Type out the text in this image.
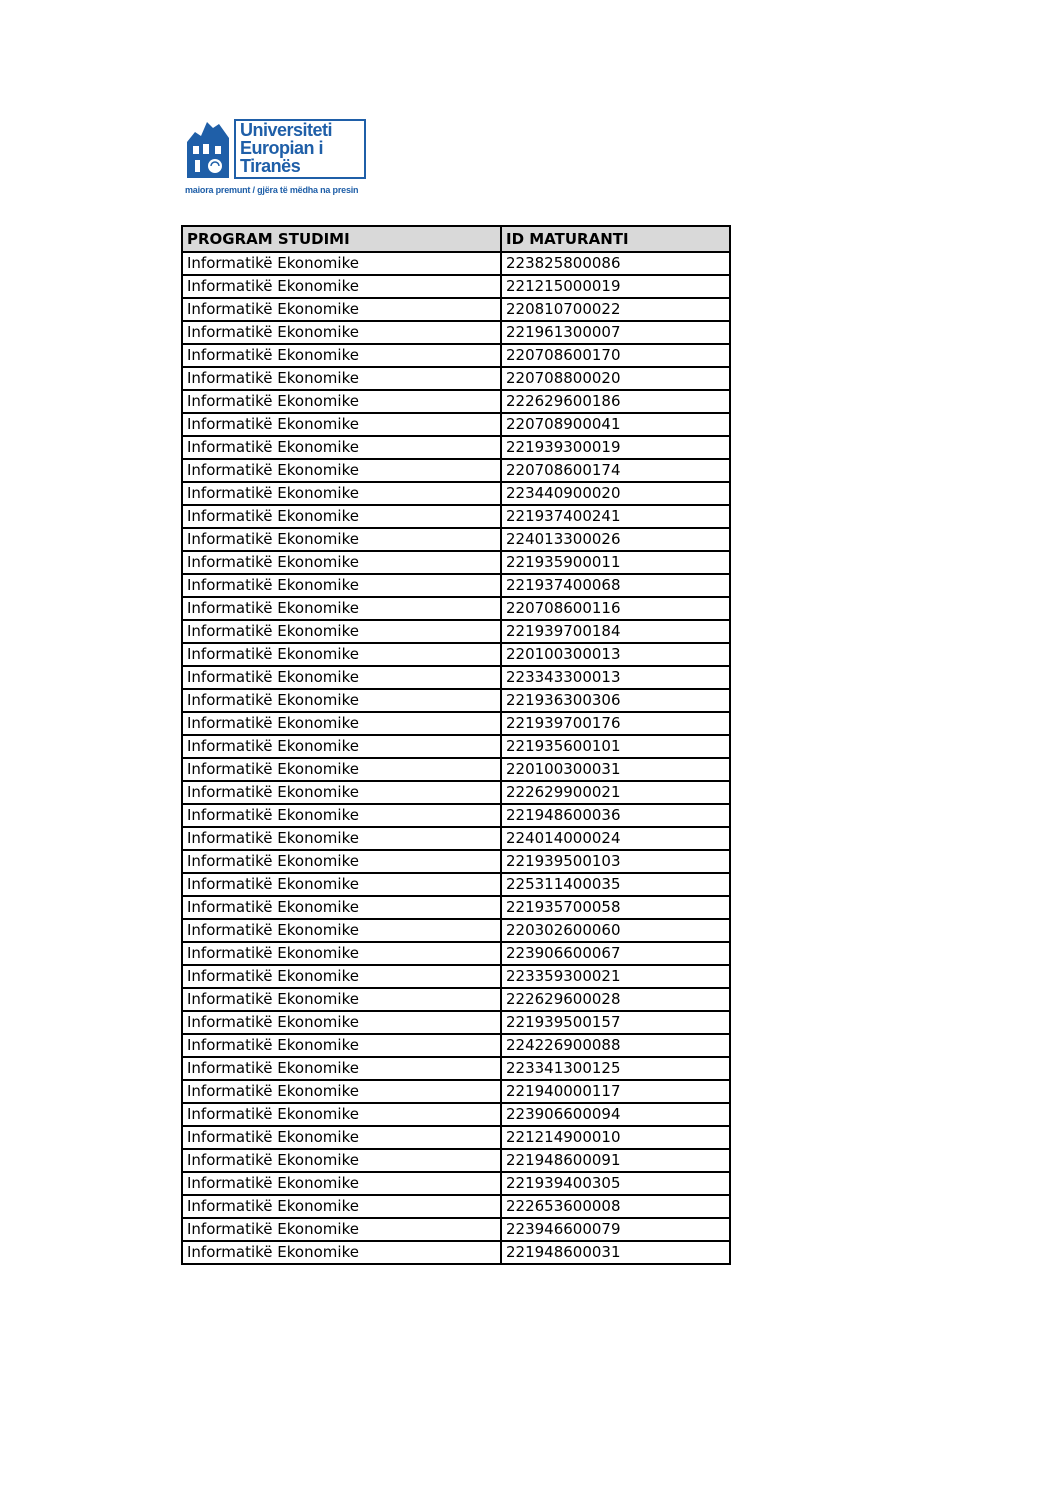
Universiteti
Europian i
Tiranës
maiora premunt / gjëra të mëdha na presin
PROGRAM STUDIMI	ID MATURANTI
Informatikë Ekonomike	223825800086
Informatikë Ekonomike	221215000019
Informatikë Ekonomike	220810700022
Informatikë Ekonomike	221961300007
Informatikë Ekonomike	220708600170
Informatikë Ekonomike	220708800020
Informatikë Ekonomike	222629600186
Informatikë Ekonomike	220708900041
Informatikë Ekonomike	221939300019
Informatikë Ekonomike	220708600174
Informatikë Ekonomike	223440900020
Informatikë Ekonomike	221937400241
Informatikë Ekonomike	224013300026
Informatikë Ekonomike	221935900011
Informatikë Ekonomike	221937400068
Informatikë Ekonomike	220708600116
Informatikë Ekonomike	221939700184
Informatikë Ekonomike	220100300013
Informatikë Ekonomike	223343300013
Informatikë Ekonomike	221936300306
Informatikë Ekonomike	221939700176
Informatikë Ekonomike	221935600101
Informatikë Ekonomike	220100300031
Informatikë Ekonomike	222629900021
Informatikë Ekonomike	221948600036
Informatikë Ekonomike	224014000024
Informatikë Ekonomike	221939500103
Informatikë Ekonomike	225311400035
Informatikë Ekonomike	221935700058
Informatikë Ekonomike	220302600060
Informatikë Ekonomike	223906600067
Informatikë Ekonomike	223359300021
Informatikë Ekonomike	222629600028
Informatikë Ekonomike	221939500157
Informatikë Ekonomike	224226900088
Informatikë Ekonomike	223341300125
Informatikë Ekonomike	221940000117
Informatikë Ekonomike	223906600094
Informatikë Ekonomike	221214900010
Informatikë Ekonomike	221948600091
Informatikë Ekonomike	221939400305
Informatikë Ekonomike	222653600008
Informatikë Ekonomike	223946600079
Informatikë Ekonomike	221948600031
